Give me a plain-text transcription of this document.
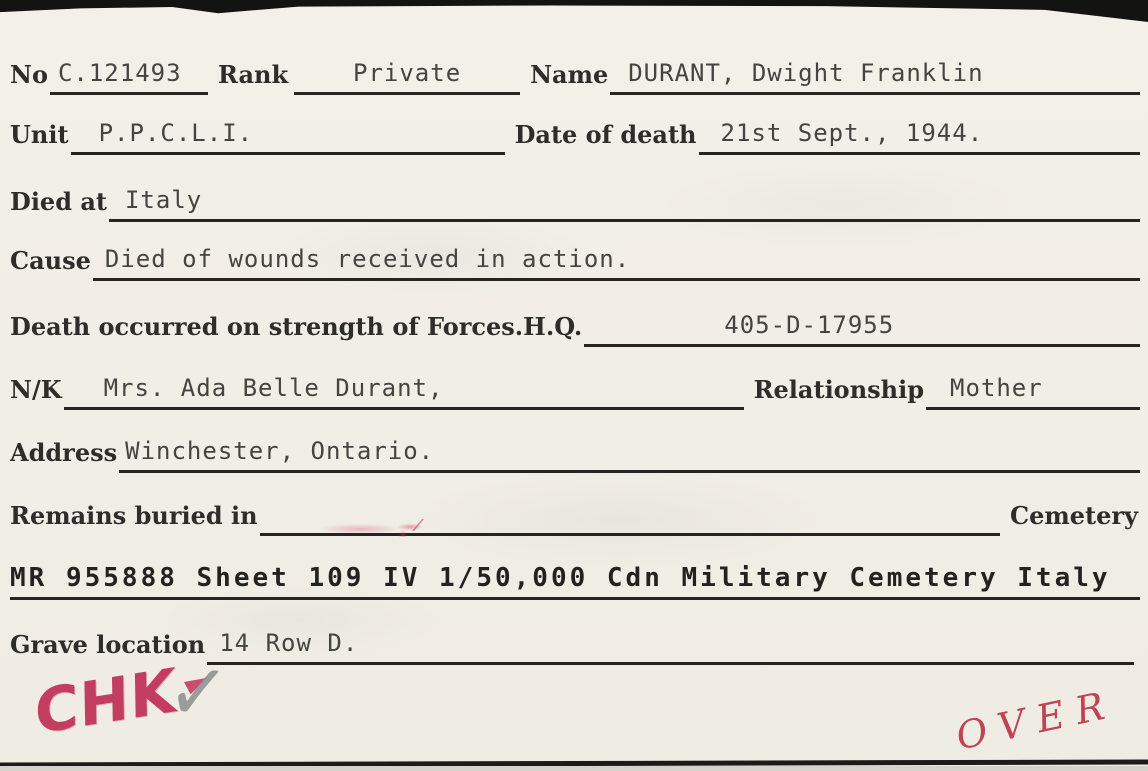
No C.121493	Rank	Private	Name DURANT, Dwight Franklin
Unit	P.P.C.L.I.	Date of death	21st Sept., 1944.
Died at Italy
Cause Died of wounds received in action.
Death occurred on strength of Forces.H.Q.	405-D-17955
N/K	Mrs. Ada Belle Durant,	Relationship	Mother
Address Winchester, Ontario.
Remains buried in	Cemetery
MR 955888 Sheet 109 IV 1/50,000 Cdn Military Cemetery Italy
Grave location 14 Row D.
CHK
✓	OVER
